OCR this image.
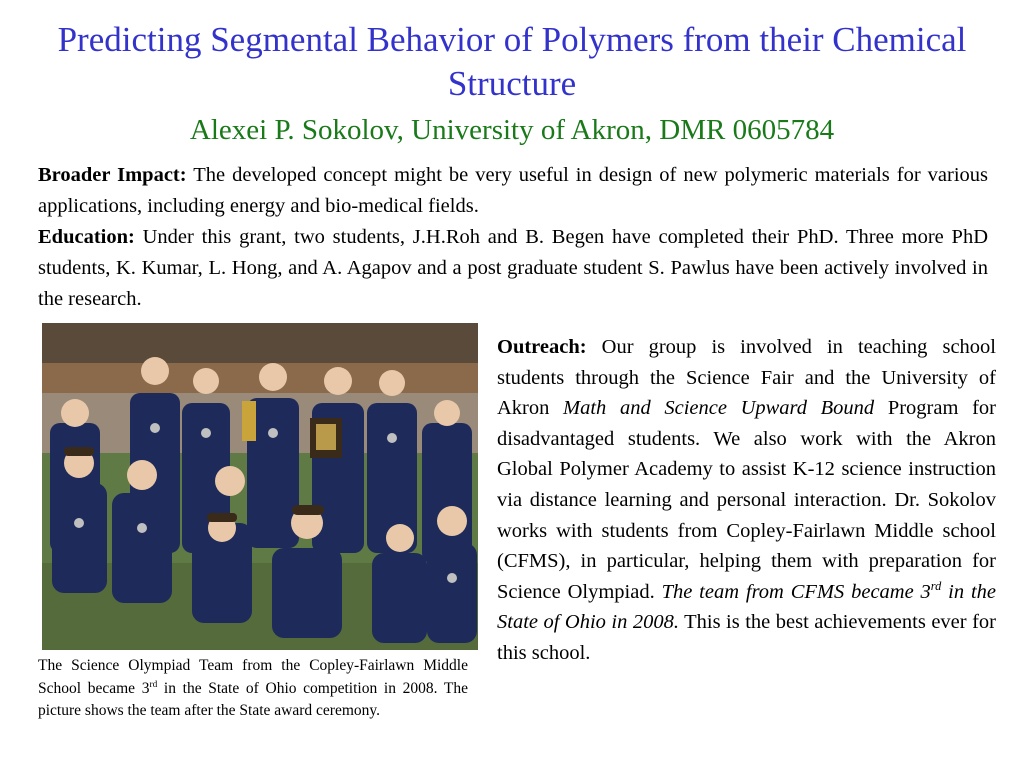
Predicting Segmental Behavior of Polymers from their Chemical Structure
Alexei P. Sokolov, University of Akron, DMR 0605784

Broader Impact: The developed concept might be very useful in design of new polymeric materials for various applications, including energy and bio-medical fields.

Education: Under this grant, two students, J.H.Roh and B. Begen have completed their PhD. Three more PhD students, K. Kumar, L. Hong, and A. Agapov and a post graduate student S. Pawlus have been actively involved in the research.

The Science Olympiad Team from the Copley-Fairlawn Middle School became 3rd in the State of Ohio competition in 2008. The picture shows the team after the State award ceremony.
Outreach: Our group is involved in teaching school students through the Science Fair and the University of Akron Math and Science Upward Bound Program for disadvantaged students. We also work with the Akron Global Polymer Academy to assist K-12 science instruction via distance learning and personal interaction. Dr. Sokolov works with students from Copley-Fairlawn Middle school (CFMS), in particular, helping them with preparation for Science Olympiad. The team from CFMS became 3rd in the State of Ohio in 2008. This is the best achievements ever for this school.
